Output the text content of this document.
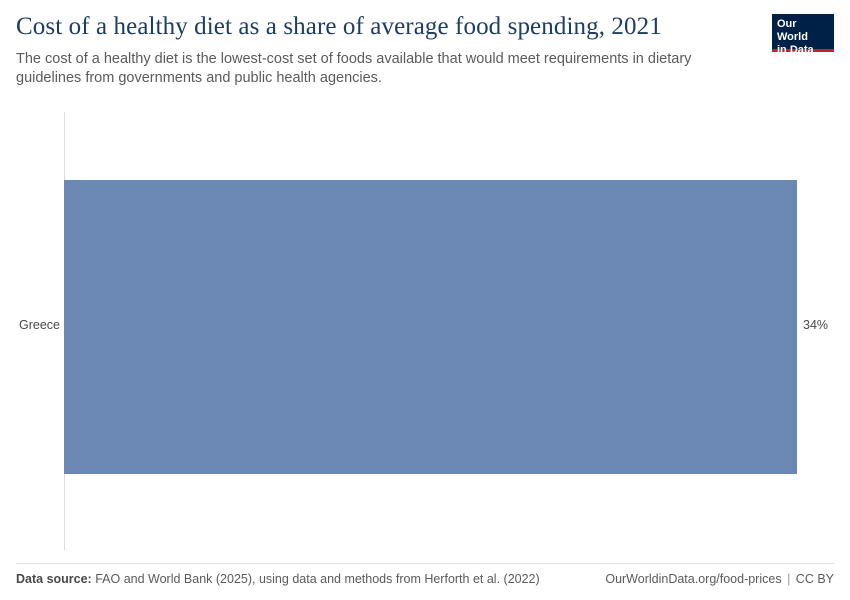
Cost of a healthy diet as a share of average food spending, 2021

The cost of a healthy diet is the lowest-cost set of foods available that would meet requirements in dietary guidelines from governments and public health agencies.

Our World
in Data
Greece	34%
Data source: FAO and World Bank (2025), using data and methods from Herforth et al. (2022)	OurWorldinData.org/food-prices | CC BY
